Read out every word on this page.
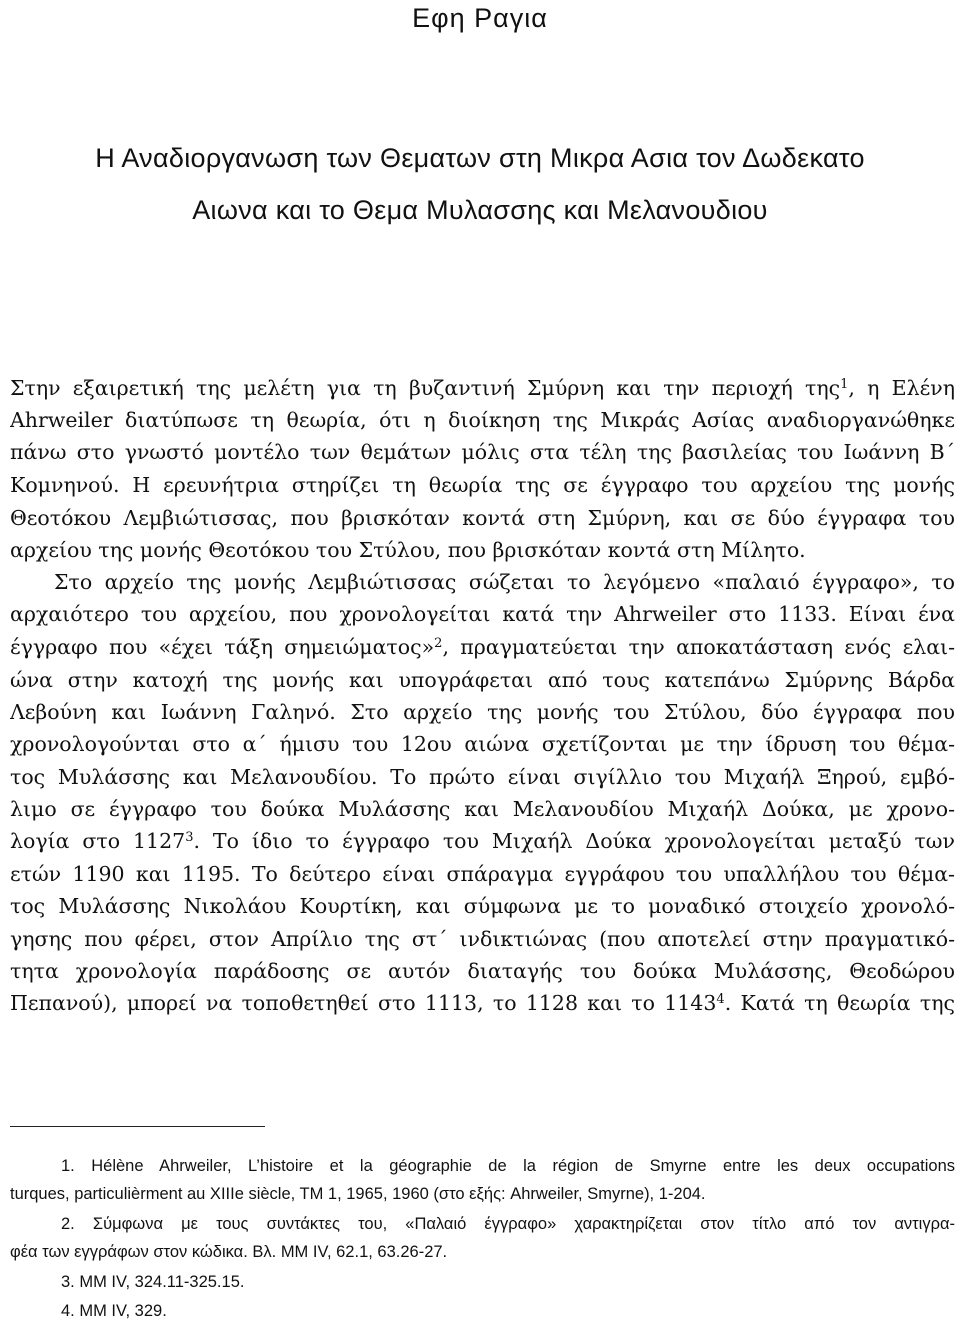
Εφη Ραγια
Η Αναδιοργανωση των Θεματων στη Μικρα Ασια τον Δωδεκατο
Αιωνα και το Θεμα Μυλασσης και Μελανουδιου
Στην εξαιρετική της μελέτη για τη βυζαντινή Σμύρνη και την περιοχή της$^1$, η Ελένη
Ahrweiler διατύπωσε τη θεωρία, ότι η διοίκηση της Μικράς Ασίας αναδιοργανώθηκε
πάνω στο γνωστό μοντέλο των θεμάτων μόλις στα τέλη της βασιλείας του Ιωάννη Β΄
Κομνηνού. Η ερευνήτρια στηρίζει τη θεωρία της σε έγγραφο του αρχείου της μονής
Θεοτόκου Λεμβιώτισσας, που βρισκόταν κοντά στη Σμύρνη, και σε δύο έγγραφα του
αρχείου της μονής Θεοτόκου του Στύλου, που βρισκόταν κοντά στη Μίλητο.
Στο αρχείο της μονής Λεμβιώτισσας σώζεται το λεγόμενο «παλαιό έγγραφο», το
αρχαιότερο του αρχείου, που χρονολογείται κατά την Ahrweiler στο 1133. Είναι ένα
έγγραφο που «έχει τάξη σημειώματος»$^2$, πραγματεύεται την αποκατάσταση ενός ελαι-
ώνα στην κατοχή της μονής και υπογράφεται από τους κατεπάνω Σμύρνης Βάρδα
Λεβούνη και Ιωάννη Γαληνό. Στο αρχείο της μονής του Στύλου, δύο έγγραφα που
χρονολογούνται στο α΄ ήμισυ του 12ου αιώνα σχετίζονται με την ίδρυση του θέμα-
τος Μυλάσσης και Μελανουδίου. Το πρώτο είναι σιγίλλιο του Μιχαήλ Ξηρού, εμβό-
λιμο σε έγγραφο του δούκα Μυλάσσης και Μελανουδίου Μιχαήλ Δούκα, με χρονο-
λογία στο 1127$^3$. Το ίδιο το έγγραφο του Μιχαήλ Δούκα χρονολογείται μεταξύ των
ετών 1190 και 1195. Το δεύτερο είναι σπάραγμα εγγράφου του υπαλλήλου του θέμα-
τος Μυλάσσης Νικολάου Κουρτίκη, και σύμφωνα με το μοναδικό στοιχείο χρονολό-
γησης που φέρει, στον Απρίλιο της στ΄ ινδικτιώνας (που αποτελεί στην πραγματικό-
τητα χρονολογία παράδοσης σε αυτόν διαταγής του δούκα Μυλάσσης, Θεοδώρου
Πεπανού), μπορεί να τοποθετηθεί στο 1113, το 1128 και το 1143$^4$. Κατά τη θεωρία της
1. Hélène Ahrweiler, L’histoire et la géographie de la région de Smyrne entre les deux occupations
turques, particulièrment au XIIIe siècle, TM 1, 1965, 1960 (στο εξής: Ahrweiler, Smyrne), 1-204.
2. Σύμφωνα με τους συντάκτες του, «Παλαιό έγγραφο» χαρακτηρίζεται στον τίτλο από τον αντιγρα-
φέα των εγγράφων στον κώδικα. Βλ. ΜΜ IV, 62.1, 63.26-27.
3. ΜΜ IV, 324.11-325.15.
4. ΜΜ IV, 329.
